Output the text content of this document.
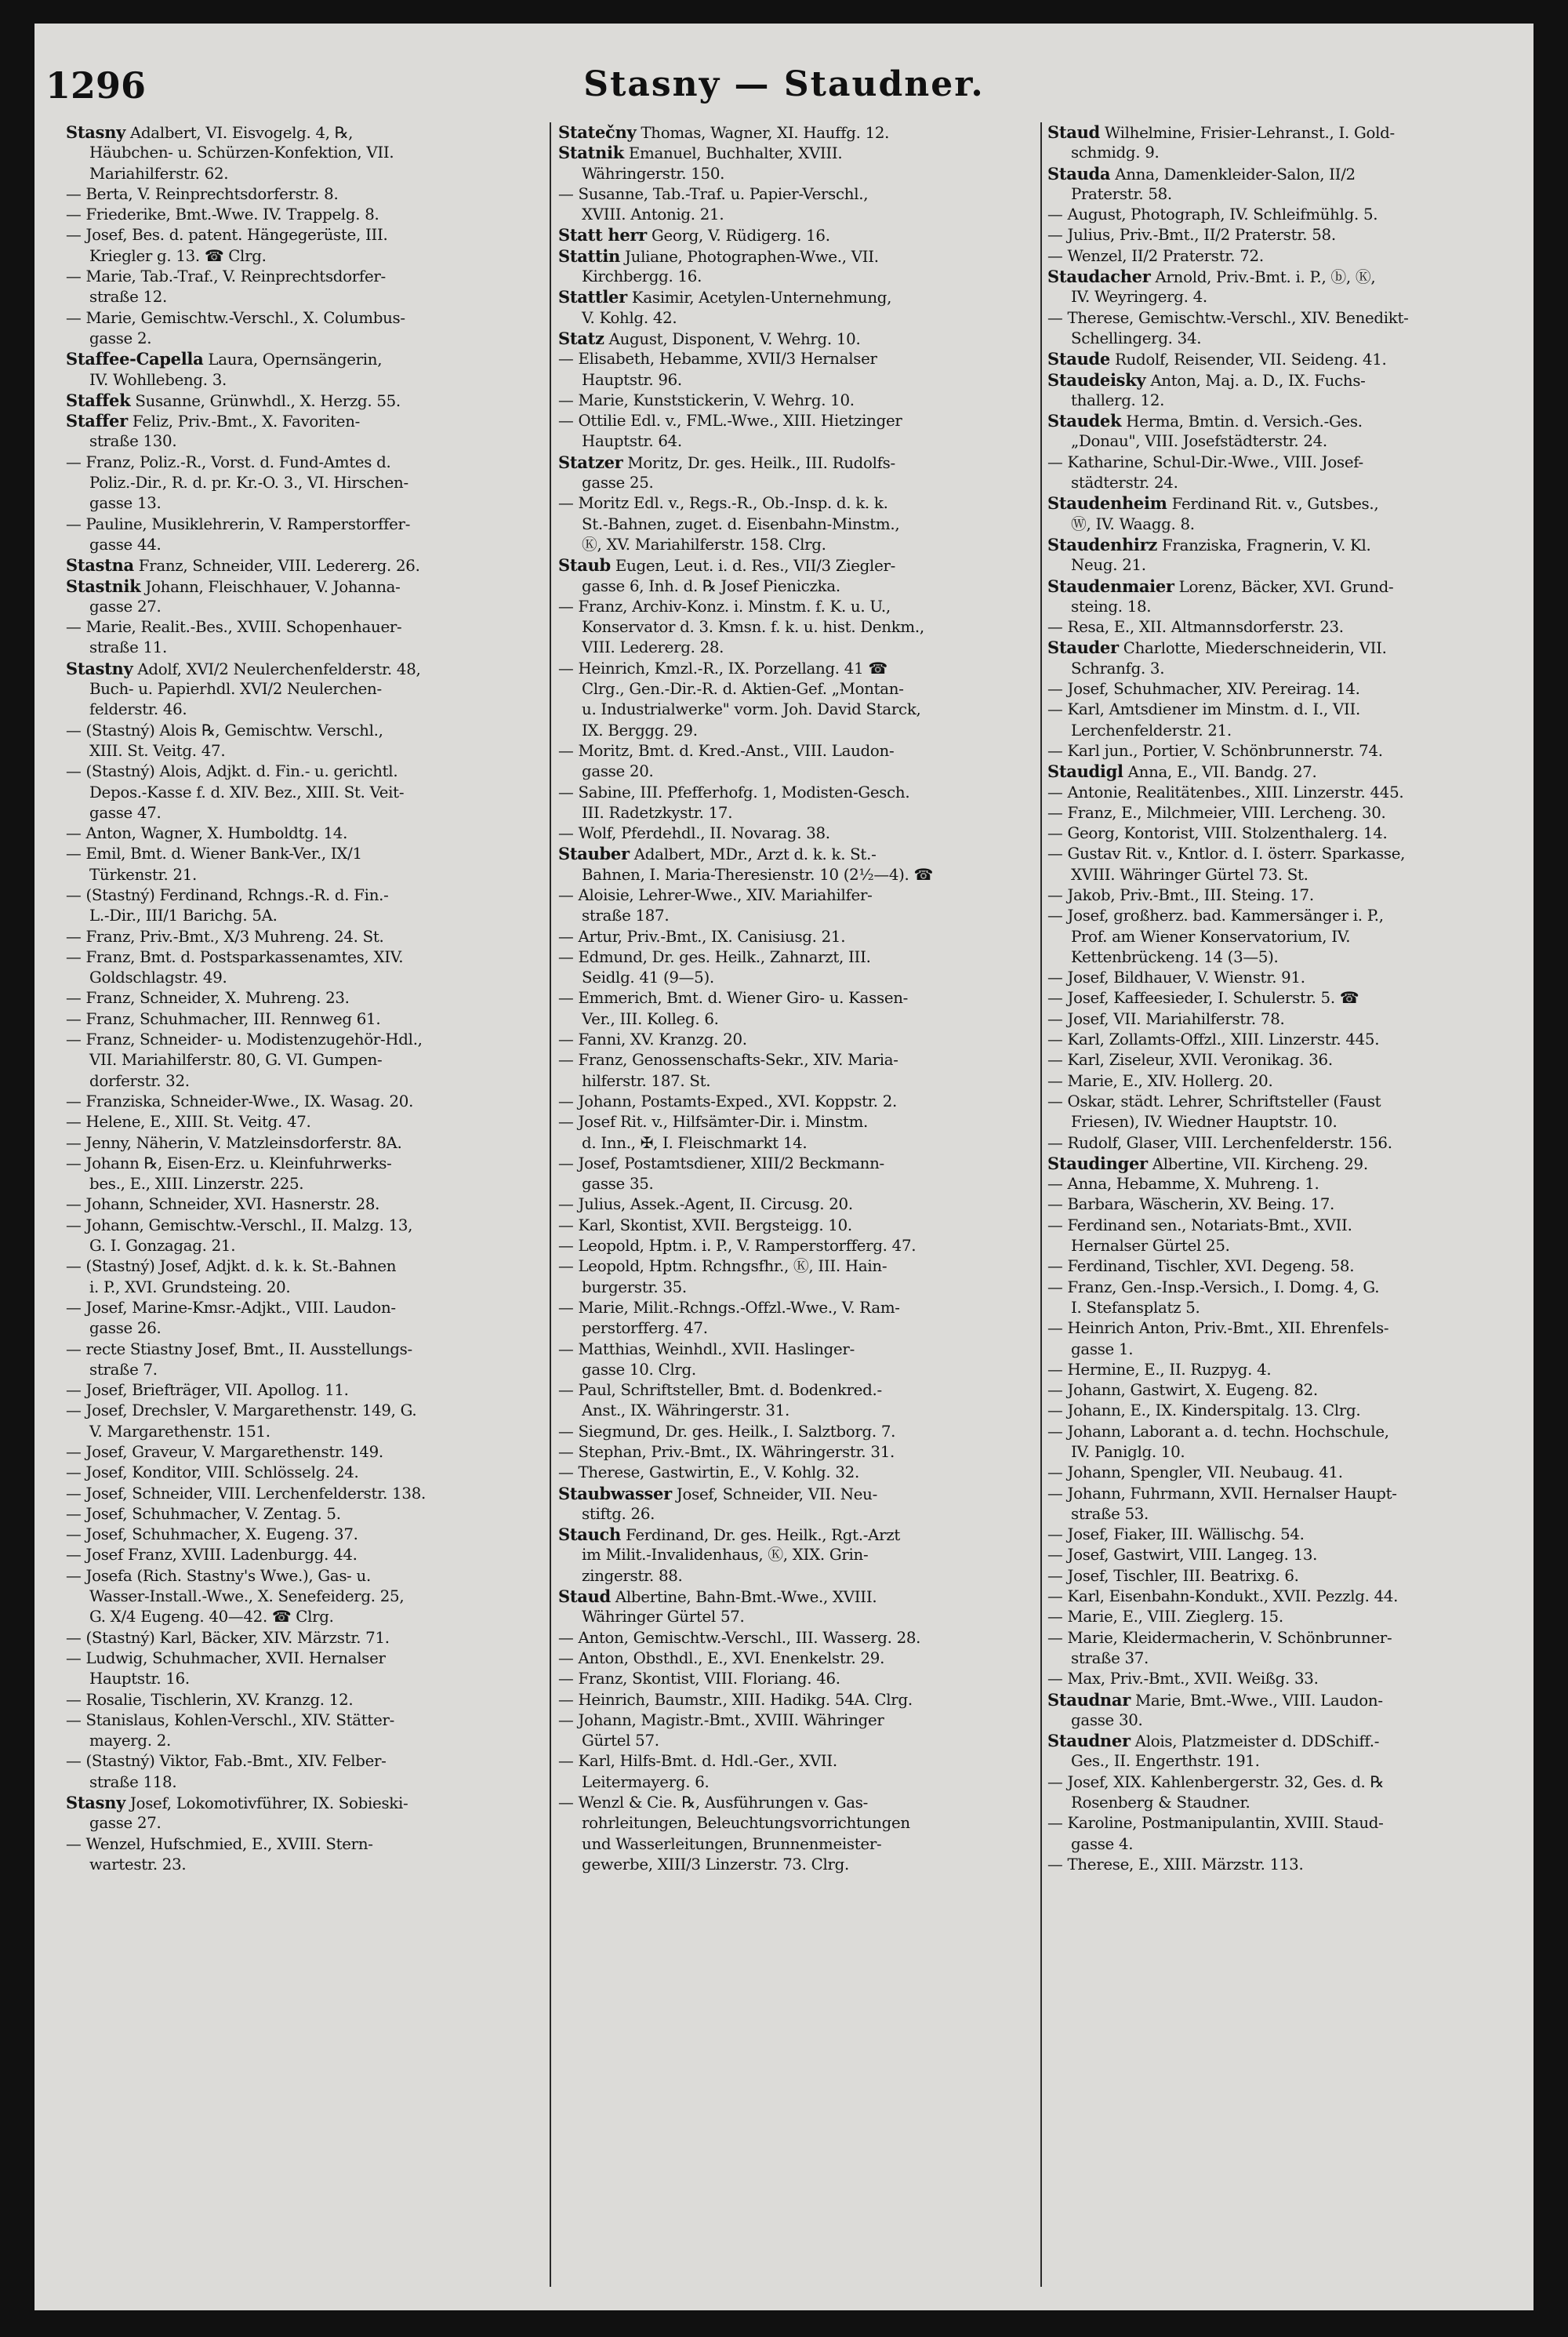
1296	Stasny — Staudner.
Stasny Adalbert, VI. Eisvogelg. 4, ℞,
Häubchen- u. Schürzen-Konfektion, VII.
Mariahilferstr. 62.
— Berta, V. Reinprechtsdorferstr. 8.
— Friederike, Bmt.-Wwe. IV. Trappelg. 8.
— Josef, Bes. d. patent. Hängegerüste, III.
Kriegler g. 13. ☎ Clrg.
— Marie, Tab.-Traf., V. Reinprechtsdorfer-
straße 12.
— Marie, Gemischtw.-Verschl., X. Columbus-
gasse 2.
Staffee-Capella Laura, Opernsängerin,
IV. Wohllebeng. 3.
Staffek Susanne, Grünwhdl., X. Herzg. 55.
Staffer Feliz, Priv.-Bmt., X. Favoriten-
straße 130.
— Franz, Poliz.-R., Vorst. d. Fund-Amtes d.
Poliz.-Dir., R. d. pr. Kr.-O. 3., VI. Hirschen-
gasse 13.
— Pauline, Musiklehrerin, V. Ramperstorffer-
gasse 44.
Stastna Franz, Schneider, VIII. Ledererg. 26.
Stastnik Johann, Fleischhauer, V. Johanna-
gasse 27.
— Marie, Realit.-Bes., XVIII. Schopenhauer-
straße 11.
Stastny Adolf, XVI/2 Neulerchenfelderstr. 48,
Buch- u. Papierhdl. XVI/2 Neulerchen-
felderstr. 46.
— (Stastný) Alois ℞, Gemischtw. Verschl.,
XIII. St. Veitg. 47.
— (Stastný) Alois, Adjkt. d. Fin.- u. gerichtl.
Depos.-Kasse f. d. XIV. Bez., XIII. St. Veit-
gasse 47.
— Anton, Wagner, X. Humboldtg. 14.
— Emil, Bmt. d. Wiener Bank-Ver., IX/1
Türkenstr. 21.
— (Stastný) Ferdinand, Rchngs.-R. d. Fin.-
L.-Dir., III/1 Barichg. 5A.
— Franz, Priv.-Bmt., X/3 Muhreng. 24. St.
— Franz, Bmt. d. Postsparkassenamtes, XIV.
Goldschlagstr. 49.
— Franz, Schneider, X. Muhreng. 23.
— Franz, Schuhmacher, III. Rennweg 61.
— Franz, Schneider- u. Modistenzugehör-Hdl.,
VII. Mariahilferstr. 80, G. VI. Gumpen-
dorferstr. 32.
— Franziska, Schneider-Wwe., IX. Wasag. 20.
— Helene, E., XIII. St. Veitg. 47.
— Jenny, Näherin, V. Matzleinsdorferstr. 8A.
— Johann ℞, Eisen-Erz. u. Kleinfuhrwerks-
bes., E., XIII. Linzerstr. 225.
— Johann, Schneider, XVI. Hasnerstr. 28.
— Johann, Gemischtw.-Verschl., II. Malzg. 13,
G. I. Gonzagag. 21.
— (Stastný) Josef, Adjkt. d. k. k. St.-Bahnen
i. P., XVI. Grundsteing. 20.
— Josef, Marine-Kmsr.-Adjkt., VIII. Laudon-
gasse 26.
— recte Stiastny Josef, Bmt., II. Ausstellungs-
straße 7.
— Josef, Briefträger, VII. Apollog. 11.
— Josef, Drechsler, V. Margarethenstr. 149, G.
V. Margarethenstr. 151.
— Josef, Graveur, V. Margarethenstr. 149.
— Josef, Konditor, VIII. Schlösselg. 24.
— Josef, Schneider, VIII. Lerchenfelderstr. 138.
— Josef, Schuhmacher, V. Zentag. 5.
— Josef, Schuhmacher, X. Eugeng. 37.
— Josef Franz, XVIII. Ladenburgg. 44.
— Josefa (Rich. Stastny's Wwe.), Gas- u.
Wasser-Install.-Wwe., X. Senefeiderg. 25,
G. X/4 Eugeng. 40—42. ☎ Clrg.
— (Stastný) Karl, Bäcker, XIV. Märzstr. 71.
— Ludwig, Schuhmacher, XVII. Hernalser
Hauptstr. 16.
— Rosalie, Tischlerin, XV. Kranzg. 12.
— Stanislaus, Kohlen-Verschl., XIV. Stätter-
mayerg. 2.
— (Stastný) Viktor, Fab.-Bmt., XIV. Felber-
straße 118.
Stasny Josef, Lokomotivführer, IX. Sobieski-
gasse 27.
— Wenzel, Hufschmied, E., XVIII. Stern-
wartestr. 23.
Statečny Thomas, Wagner, XI. Hauffg. 12.
Statnik Emanuel, Buchhalter, XVIII.
Währingerstr. 150.
— Susanne, Tab.-Traf. u. Papier-Verschl.,
XVIII. Antonig. 21.
Statt herr Georg, V. Rüdigerg. 16.
Stattin Juliane, Photographen-Wwe., VII.
Kirchbergg. 16.
Stattler Kasimir, Acetylen-Unternehmung,
V. Kohlg. 42.
Statz August, Disponent, V. Wehrg. 10.
— Elisabeth, Hebamme, XVII/3 Hernalser
Hauptstr. 96.
— Marie, Kunststickerin, V. Wehrg. 10.
— Ottilie Edl. v., FML.-Wwe., XIII. Hietzinger
Hauptstr. 64.
Statzer Moritz, Dr. ges. Heilk., III. Rudolfs-
gasse 25.
— Moritz Edl. v., Regs.-R., Ob.-Insp. d. k. k.
St.-Bahnen, zuget. d. Eisenbahn-Minstm.,
Ⓚ, XV. Mariahilferstr. 158. Clrg.
Staub Eugen, Leut. i. d. Res., VII/3 Ziegler-
gasse 6, Inh. d. ℞ Josef Pieniczka.
— Franz, Archiv-Konz. i. Minstm. f. K. u. U.,
Konservator d. 3. Kmsn. f. k. u. hist. Denkm.,
VIII. Ledererg. 28.
— Heinrich, Kmzl.-R., IX. Porzellang. 41 ☎
Clrg., Gen.-Dir.-R. d. Aktien-Gef. „Montan-
u. Industrialwerke" vorm. Joh. David Starck,
IX. Berggg. 29.
— Moritz, Bmt. d. Kred.-Anst., VIII. Laudon-
gasse 20.
— Sabine, III. Pfefferhofg. 1, Modisten-Gesch.
III. Radetzkystr. 17.
— Wolf, Pferdehdl., II. Novarag. 38.
Stauber Adalbert, MDr., Arzt d. k. k. St.-
Bahnen, I. Maria-Theresienstr. 10 (2½—4). ☎
— Aloisie, Lehrer-Wwe., XIV. Mariahilfer-
straße 187.
— Artur, Priv.-Bmt., IX. Canisiusg. 21.
— Edmund, Dr. ges. Heilk., Zahnarzt, III.
Seidlg. 41 (9—5).
— Emmerich, Bmt. d. Wiener Giro- u. Kassen-
Ver., III. Kolleg. 6.
— Fanni, XV. Kranzg. 20.
— Franz, Genossenschafts-Sekr., XIV. Maria-
hilferstr. 187. St.
— Johann, Postamts-Exped., XVI. Koppstr. 2.
— Josef Rit. v., Hilfsämter-Dir. i. Minstm.
d. Inn., ✠, I. Fleischmarkt 14.
— Josef, Postamtsdiener, XIII/2 Beckmann-
gasse 35.
— Julius, Assek.-Agent, II. Circusg. 20.
— Karl, Skontist, XVII. Bergsteigg. 10.
— Leopold, Hptm. i. P., V. Ramperstorfferg. 47.
— Leopold, Hptm. Rchngsfhr., Ⓚ, III. Hain-
burgerstr. 35.
— Marie, Milit.-Rchngs.-Offzl.-Wwe., V. Ram-
perstorfferg. 47.
— Matthias, Weinhdl., XVII. Haslinger-
gasse 10. Clrg.
— Paul, Schriftsteller, Bmt. d. Bodenkred.-
Anst., IX. Währingerstr. 31.
— Siegmund, Dr. ges. Heilk., I. Salztborg. 7.
— Stephan, Priv.-Bmt., IX. Währingerstr. 31.
— Therese, Gastwirtin, E., V. Kohlg. 32.
Staubwasser Josef, Schneider, VII. Neu-
stiftg. 26.
Stauch Ferdinand, Dr. ges. Heilk., Rgt.-Arzt
im Milit.-Invalidenhaus, Ⓚ, XIX. Grin-
zingerstr. 88.
Staud Albertine, Bahn-Bmt.-Wwe., XVIII.
Währinger Gürtel 57.
— Anton, Gemischtw.-Verschl., III. Wasserg. 28.
— Anton, Obsthdl., E., XVI. Enenkelstr. 29.
— Franz, Skontist, VIII. Floriang. 46.
— Heinrich, Baumstr., XIII. Hadikg. 54A. Clrg.
— Johann, Magistr.-Bmt., XVIII. Währinger
Gürtel 57.
— Karl, Hilfs-Bmt. d. Hdl.-Ger., XVII.
Leitermayerg. 6.
— Wenzl & Cie. ℞, Ausführungen v. Gas-
rohrleitungen, Beleuchtungsvorrichtungen
und Wasserleitungen, Brunnenmeister-
gewerbe, XIII/3 Linzerstr. 73. Clrg.
Staud Wilhelmine, Frisier-Lehranst., I. Gold-
schmidg. 9.
Stauda Anna, Damenkleider-Salon, II/2
Praterstr. 58.
— August, Photograph, IV. Schleifmühlg. 5.
— Julius, Priv.-Bmt., II/2 Praterstr. 58.
— Wenzel, II/2 Praterstr. 72.
Staudacher Arnold, Priv.-Bmt. i. P., ⓑ, Ⓚ,
IV. Weyringerg. 4.
— Therese, Gemischtw.-Verschl., XIV. Benedikt-
Schellingerg. 34.
Staude Rudolf, Reisender, VII. Seideng. 41.
Staudeisky Anton, Maj. a. D., IX. Fuchs-
thallerg. 12.
Staudek Herma, Bmtin. d. Versich.-Ges.
„Donau", VIII. Josefstädterstr. 24.
— Katharine, Schul-Dir.-Wwe., VIII. Josef-
städterstr. 24.
Staudenheim Ferdinand Rit. v., Gutsbes.,
Ⓦ, IV. Waagg. 8.
Staudenhirz Franziska, Fragnerin, V. Kl.
Neug. 21.
Staudenmaier Lorenz, Bäcker, XVI. Grund-
steing. 18.
— Resa, E., XII. Altmannsdorferstr. 23.
Stauder Charlotte, Miederschneiderin, VII.
Schranfg. 3.
— Josef, Schuhmacher, XIV. Pereirag. 14.
— Karl, Amtsdiener im Minstm. d. I., VII.
Lerchenfelderstr. 21.
— Karl jun., Portier, V. Schönbrunnerstr. 74.
Staudigl Anna, E., VII. Bandg. 27.
— Antonie, Realitätenbes., XIII. Linzerstr. 445.
— Franz, E., Milchmeier, VIII. Lercheng. 30.
— Georg, Kontorist, VIII. Stolzenthalerg. 14.
— Gustav Rit. v., Kntlor. d. I. österr. Sparkasse,
XVIII. Währinger Gürtel 73. St.
— Jakob, Priv.-Bmt., III. Steing. 17.
— Josef, großherz. bad. Kammersänger i. P.,
Prof. am Wiener Konservatorium, IV.
Kettenbrückeng. 14 (3—5).
— Josef, Bildhauer, V. Wienstr. 91.
— Josef, Kaffeesieder, I. Schulerstr. 5. ☎
— Josef, VII. Mariahilferstr. 78.
— Karl, Zollamts-Offzl., XIII. Linzerstr. 445.
— Karl, Ziseleur, XVII. Veronikag. 36.
— Marie, E., XIV. Hollerg. 20.
— Oskar, städt. Lehrer, Schriftsteller (Faust
Friesen), IV. Wiedner Hauptstr. 10.
— Rudolf, Glaser, VIII. Lerchenfelderstr. 156.
Staudinger Albertine, VII. Kircheng. 29.
— Anna, Hebamme, X. Muhreng. 1.
— Barbara, Wäscherin, XV. Being. 17.
— Ferdinand sen., Notariats-Bmt., XVII.
Hernalser Gürtel 25.
— Ferdinand, Tischler, XVI. Degeng. 58.
— Franz, Gen.-Insp.-Versich., I. Domg. 4, G.
I. Stefansplatz 5.
— Heinrich Anton, Priv.-Bmt., XII. Ehrenfels-
gasse 1.
— Hermine, E., II. Ruzpyg. 4.
— Johann, Gastwirt, X. Eugeng. 82.
— Johann, E., IX. Kinderspitalg. 13. Clrg.
— Johann, Laborant a. d. techn. Hochschule,
IV. Paniglg. 10.
— Johann, Spengler, VII. Neubaug. 41.
— Johann, Fuhrmann, XVII. Hernalser Haupt-
straße 53.
— Josef, Fiaker, III. Wällischg. 54.
— Josef, Gastwirt, VIII. Langeg. 13.
— Josef, Tischler, III. Beatrixg. 6.
— Karl, Eisenbahn-Kondukt., XVII. Pezzlg. 44.
— Marie, E., VIII. Zieglerg. 15.
— Marie, Kleidermacherin, V. Schönbrunner-
straße 37.
— Max, Priv.-Bmt., XVII. Weißg. 33.
Staudnar Marie, Bmt.-Wwe., VIII. Laudon-
gasse 30.
Staudner Alois, Platzmeister d. DDSchiff.-
Ges., II. Engerthstr. 191.
— Josef, XIX. Kahlenbergerstr. 32, Ges. d. ℞
Rosenberg & Staudner.
— Karoline, Postmanipulantin, XVIII. Staud-
gasse 4.
— Therese, E., XIII. Märzstr. 113.
